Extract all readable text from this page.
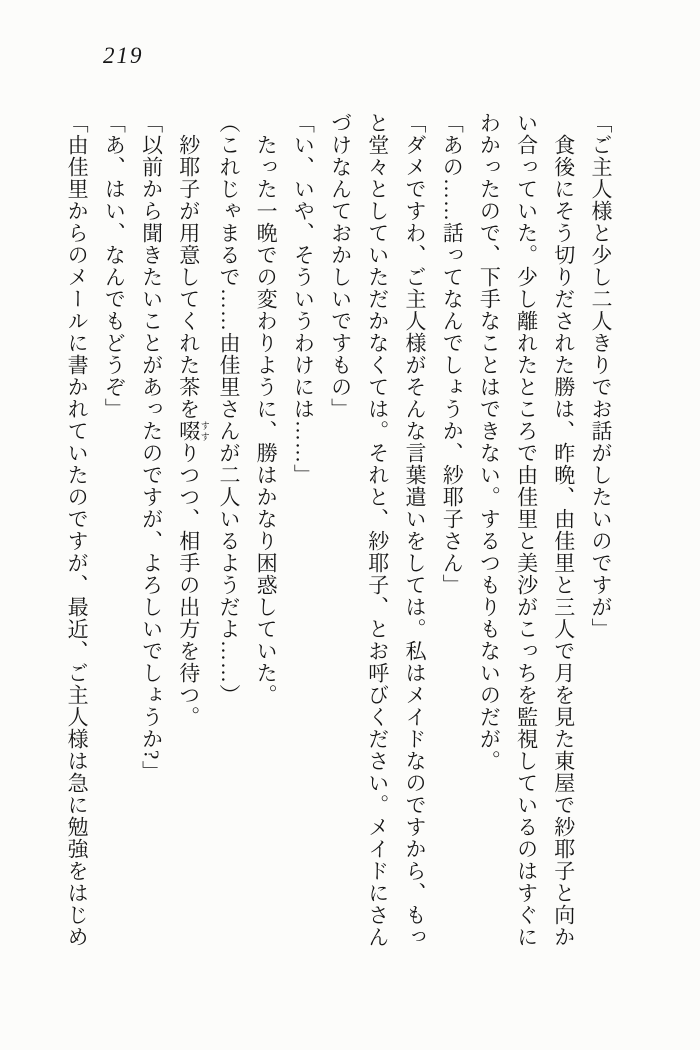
219

「ご主人様と少し二人きりでお話がしたいのですが」

食後にそう切りだされた勝は、昨晩、由佳里と三人で月を見た東屋で紗耶子と向かい合っていた。少し離れたところで由佳里と美沙がこっちを監視しているのはすぐにわかったので、下手なことはできない。するつもりもないのだが。

「あの……話ってなんでしょうか、紗耶子さん」

「ダメですわ、ご主人様がそんな言葉遣いをしては。私はメイドなのですから、もっと堂々としていただかなくては。それと、紗耶子、とお呼びください。メイドにさんづけなんておかしいですもの」

「い、いや、そういうわけには……」

たった一晩での変わりように、勝はかなり困惑していた。

（これじゃまるで……由佳里さんが二人いるようだよ……）

紗耶子が用意してくれた茶を啜 すすりつつ、相手の出方を待つ。

「以前から聞きたいことがあったのですが、よろしいでしょうか?」

「あ、はい、なんでもどうぞ」

「由佳里からのメールに書かれていたのですが、最近、ご主人様は急に勉強をはじめ
